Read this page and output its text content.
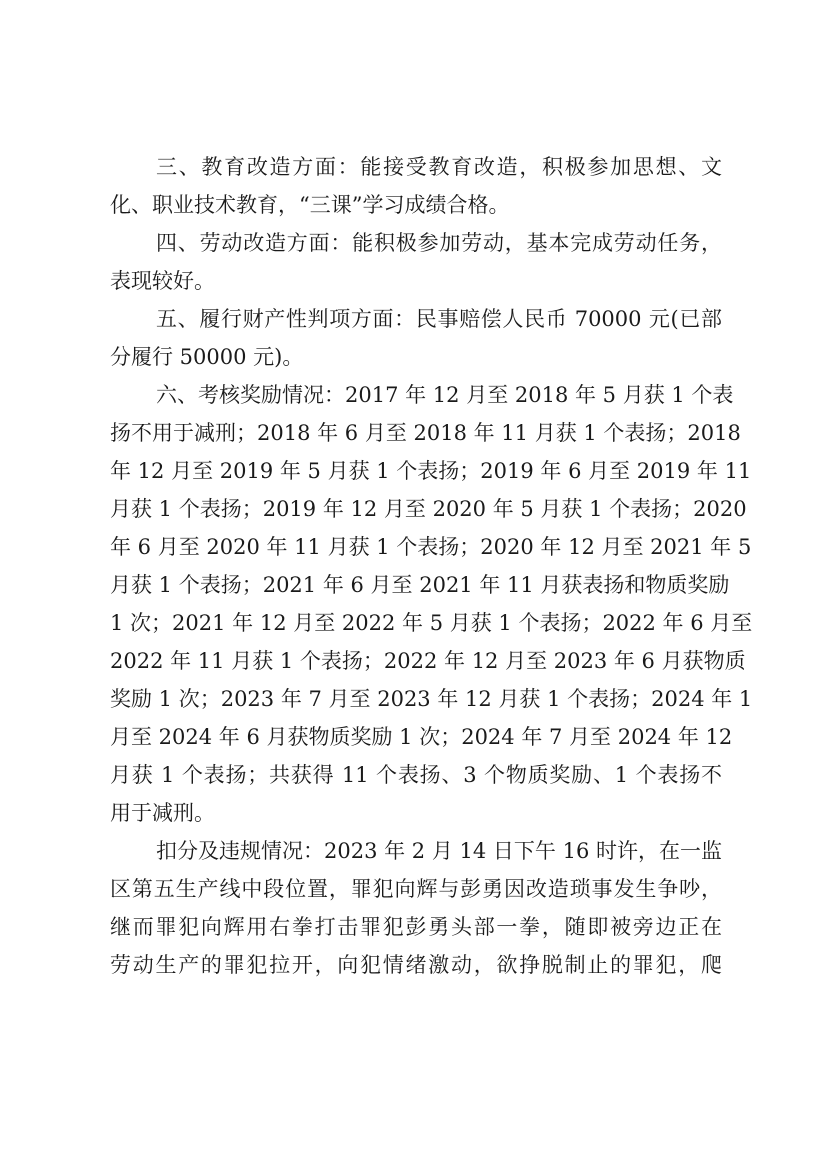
三、教育改造方面：能接受教育改造，积极参加思想、文
化、职业技术教育，“三课”学习成绩合格。
四、劳动改造方面：能积极参加劳动，基本完成劳动任务，
表现较好。
五、履行财产性判项方面：民事赔偿人民币 70000 元(已部
分履行 50000 元)。
六、考核奖励情况：2017 年 12 月至 2018 年 5 月获 1 个表
扬不用于减刑；2018 年 6 月至 2018 年 11 月获 1 个表扬；2018
年 12 月至 2019 年 5 月获 1 个表扬；2019 年 6 月至 2019 年 11
月获 1 个表扬；2019 年 12 月至 2020 年 5 月获 1 个表扬；2020
年 6 月至 2020 年 11 月获 1 个表扬；2020 年 12 月至 2021 年 5
月获 1 个表扬；2021 年 6 月至 2021 年 11 月获表扬和物质奖励
1 次；2021 年 12 月至 2022 年 5 月获 1 个表扬；2022 年 6 月至
2022 年 11 月获 1 个表扬；2022 年 12 月至 2023 年 6 月获物质
奖励 1 次；2023 年 7 月至 2023 年 12 月获 1 个表扬；2024 年 1
月至 2024 年 6 月获物质奖励 1 次；2024 年 7 月至 2024 年 12
月获 1 个表扬；共获得 11 个表扬、3 个物质奖励、1 个表扬不
用于减刑。
扣分及违规情况：2023 年 2 月 14 日下午 16 时许，在一监
区第五生产线中段位置，罪犯向辉与彭勇因改造琐事发生争吵，
继而罪犯向辉用右拳打击罪犯彭勇头部一拳，随即被旁边正在
劳动生产的罪犯拉开，向犯情绪激动，欲挣脱制止的罪犯，爬
